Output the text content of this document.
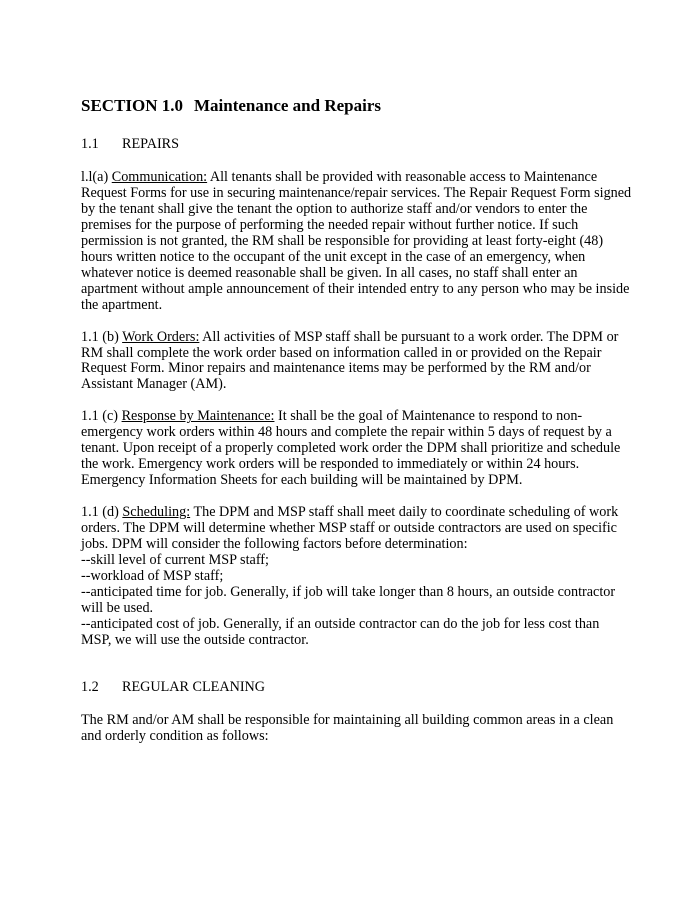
SECTION 1.0 Maintenance and Repairs
1.1 REPAIRS

l.l(a) Communication: All tenants shall be provided with reasonable access to Maintenance
Request Forms for use in securing maintenance/repair services. The Repair Request Form signed
by the tenant shall give the tenant the option to authorize staff and/or vendors to enter the
premises for the purpose of performing the needed repair without further notice. If such
permission is not granted, the RM shall be responsible for providing at least forty-eight (48)
hours written notice to the occupant of the unit except in the case of an emergency, when
whatever notice is deemed reasonable shall be given. In all cases, no staff shall enter an
apartment without ample announcement of their intended entry to any person who may be inside
the apartment.

1.1 (b) Work Orders: All activities of MSP staff shall be pursuant to a work order. The DPM or
RM shall complete the work order based on information called in or provided on the Repair
Request Form. Minor repairs and maintenance items may be performed by the RM and/or
Assistant Manager (AM).

1.1 (c) Response by Maintenance: It shall be the goal of Maintenance to respond to non-
emergency work orders within 48 hours and complete the repair within 5 days of request by a
tenant. Upon receipt of a properly completed work order the DPM shall prioritize and schedule
the work. Emergency work orders will be responded to immediately or within 24 hours.
Emergency Information Sheets for each building will be maintained by DPM.

1.1 (d) Scheduling: The DPM and MSP staff shall meet daily to coordinate scheduling of work
orders. The DPM will determine whether MSP staff or outside contractors are used on specific
jobs. DPM will consider the following factors before determination:
--skill level of current MSP staff;
--workload of MSP staff;
--anticipated time for job. Generally, if job will take longer than 8 hours, an outside contractor
will be used.
--anticipated cost of job. Generally, if an outside contractor can do the job for less cost than
MSP, we will use the outside contractor.

1.2 REGULAR CLEANING

The RM and/or AM shall be responsible for maintaining all building common areas in a clean
and orderly condition as follows:
